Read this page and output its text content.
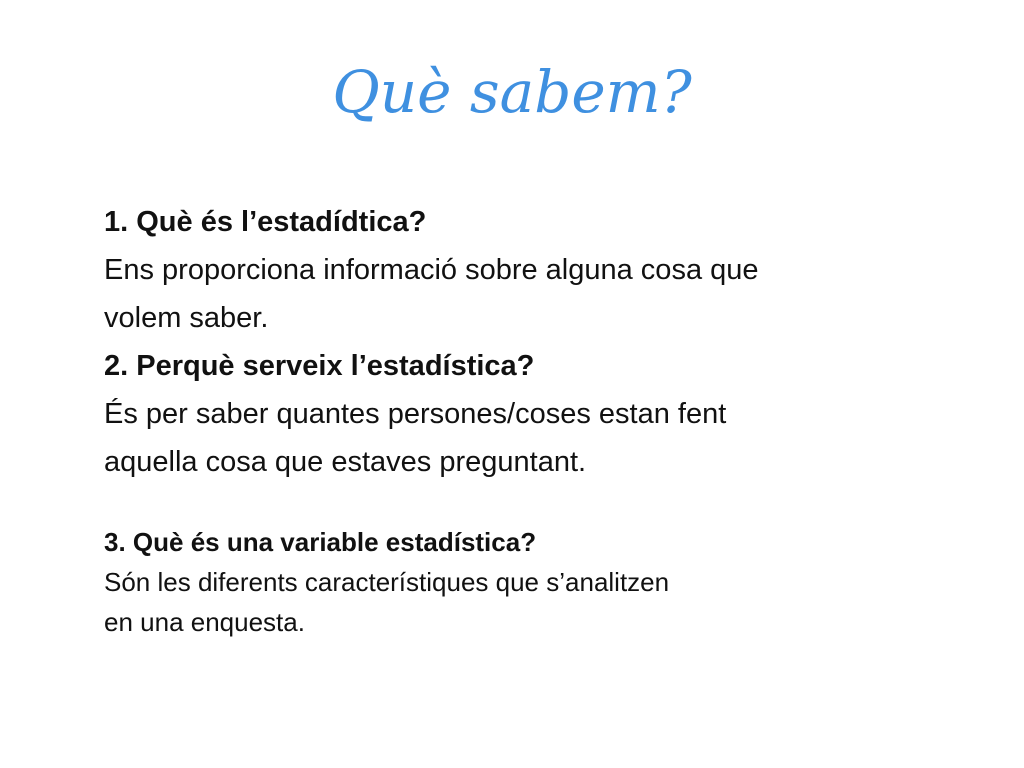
Què sabem?
1. Què és l’estadídtica?
Ens proporciona informació sobre alguna cosa que
volem saber.
2. Perquè serveix l’estadística?
És per saber quantes persones/coses estan fent
aquella cosa que estaves preguntant.
3. Què és una variable estadística?
Són les diferents característiques que s’analitzen
en una enquesta.
